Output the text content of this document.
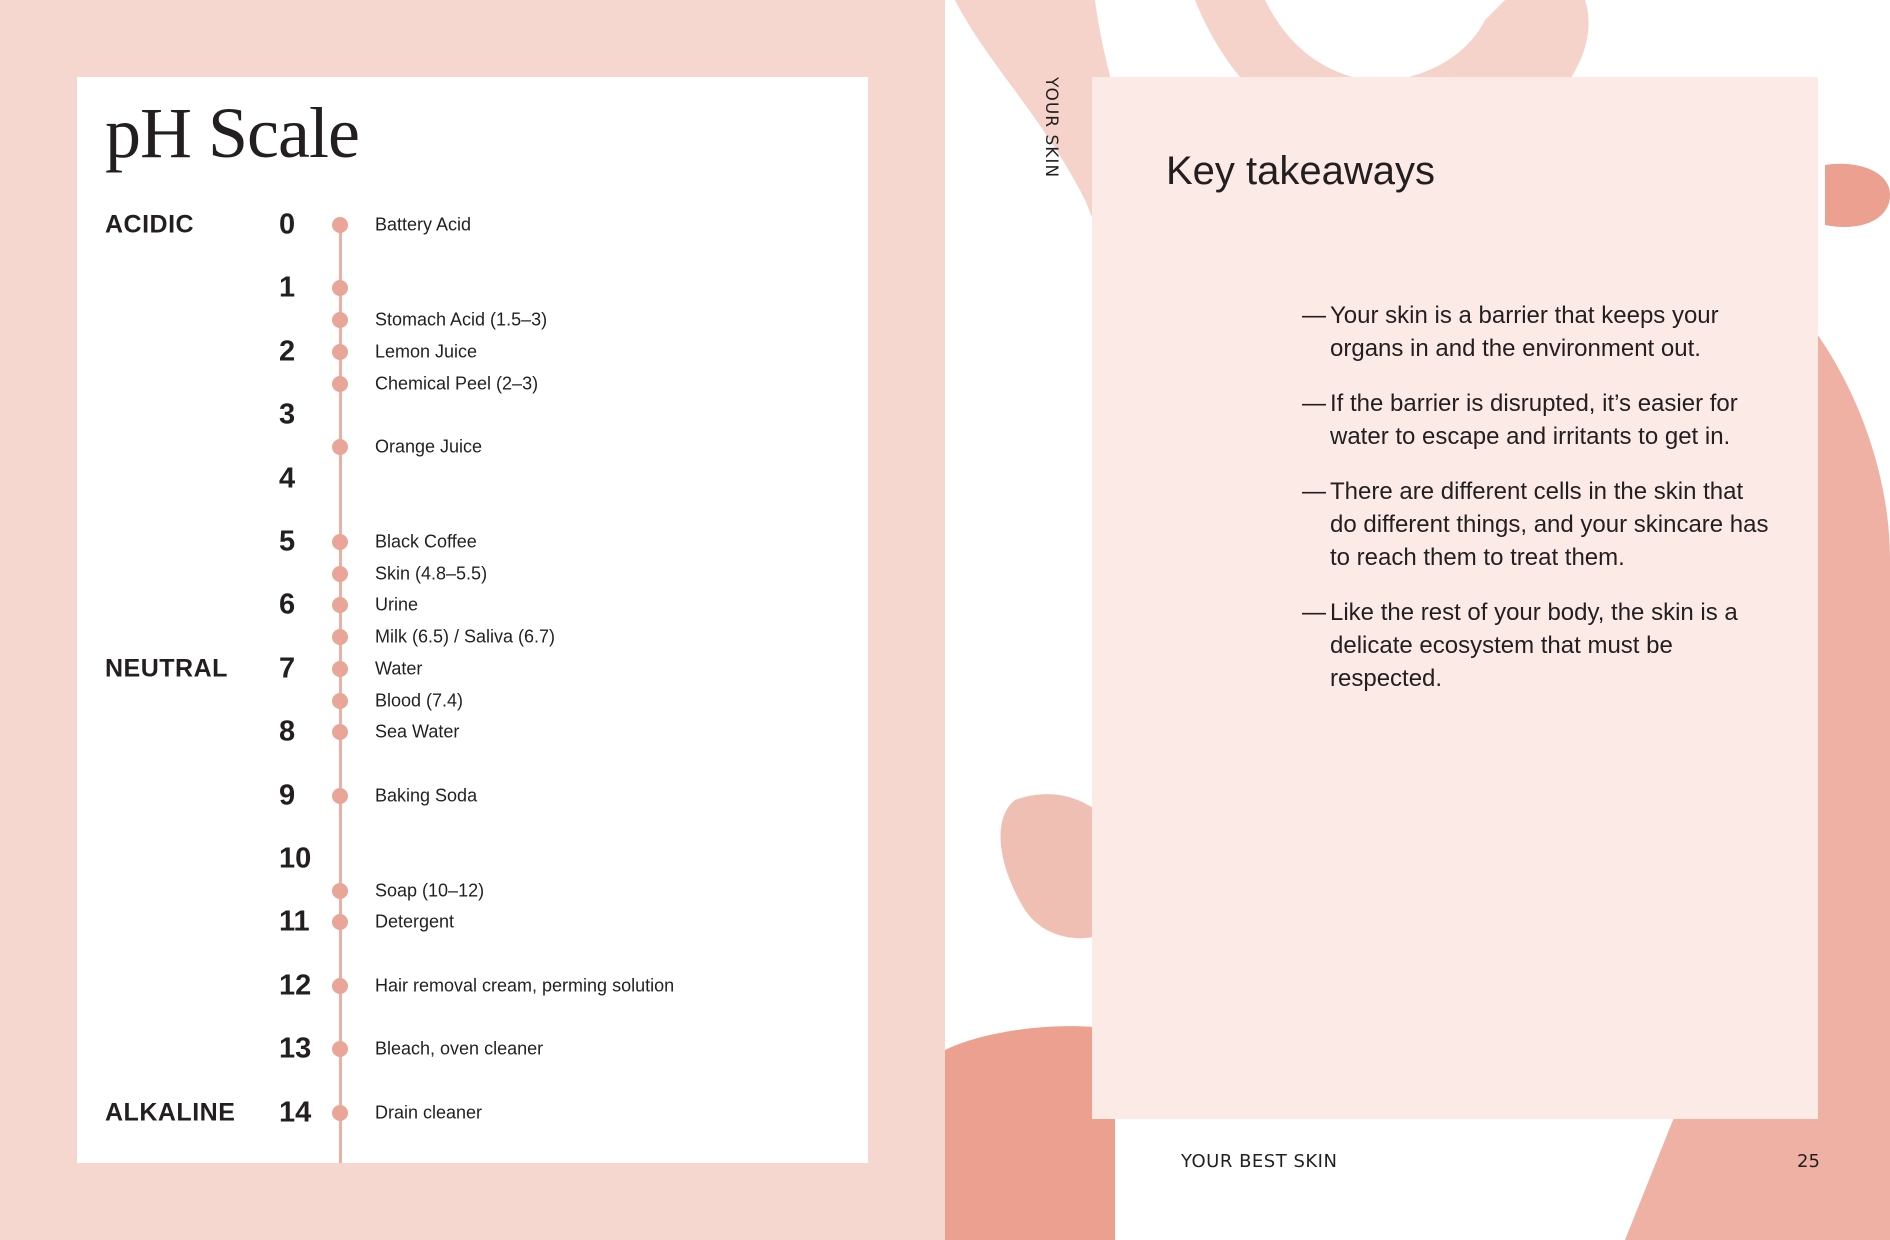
pH Scale
ACIDIC
NEUTRAL
ALKALINE
0
1
2
3
4
5
6
7
8
9
10
11
12
13
14
Battery Acid
Stomach Acid (1.5–3)
Lemon Juice
Chemical Peel (2–3)
Orange Juice
Black Coffee
Skin (4.8–5.5)
Urine
Milk (6.5) / Saliva (6.7)
Water
Blood (7.4)
Sea Water
Baking Soda
Soap (10–12)
Detergent
Hair removal cream, perming solution
Bleach, oven cleaner
Drain cleaner
YOUR SKIN	Key takeaways
— Your skin is a barrier that keeps your organs in and the environment out.
— If the barrier is disrupted, it’s easier for water to escape and irritants to get in.
— There are different cells in the skin that do different things, and your skincare has to reach them to treat them.
— Like the rest of your body, the skin is a delicate ecosystem that must be respected.
YOUR BEST SKIN	25
